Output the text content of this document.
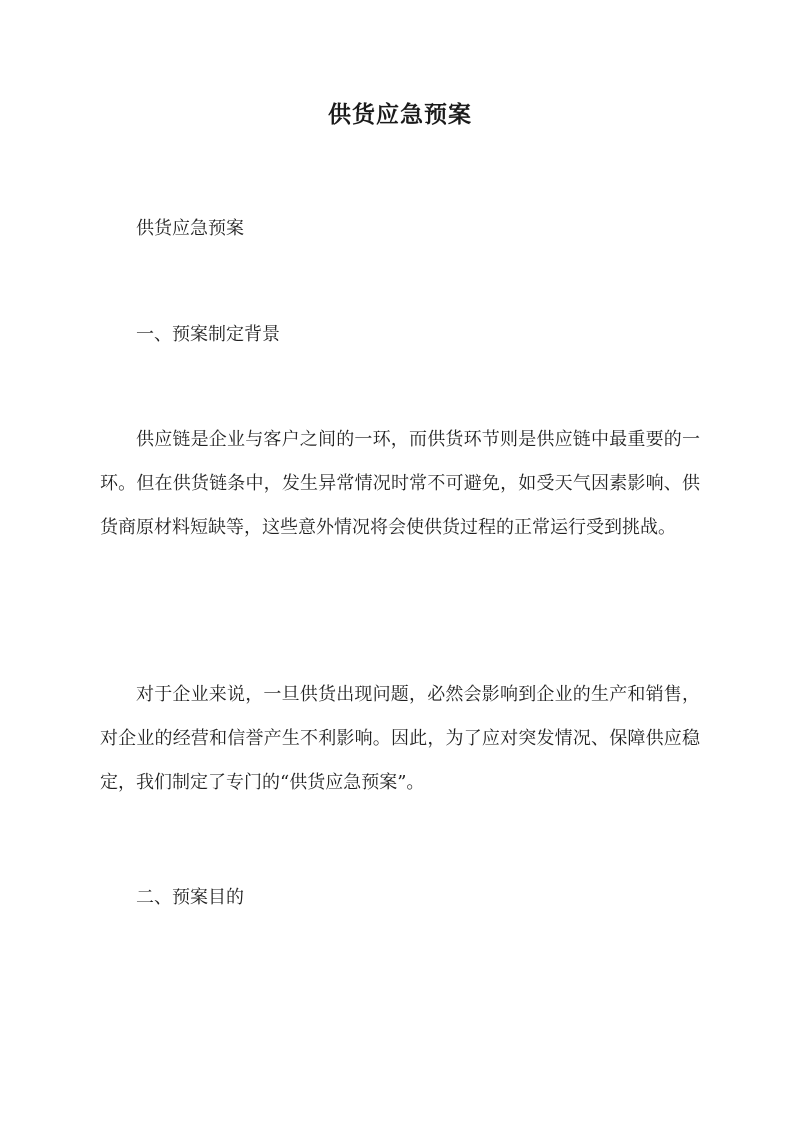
供货应急预案
供货应急预案
一、预案制定背景
供应链是企业与客户之间的一环，而供货环节则是供应链中最重要的一环。但在供货链条中，发生异常情况时常不可避免，如受天气因素影响、供货商原材料短缺等，这些意外情况将会使供货过程的正常运行受到挑战。
对于企业来说，一旦供货出现问题，必然会影响到企业的生产和销售，对企业的经营和信誉产生不利影响。因此，为了应对突发情况、保障供应稳定，我们制定了专门的“供货应急预案”。
二、预案目的
